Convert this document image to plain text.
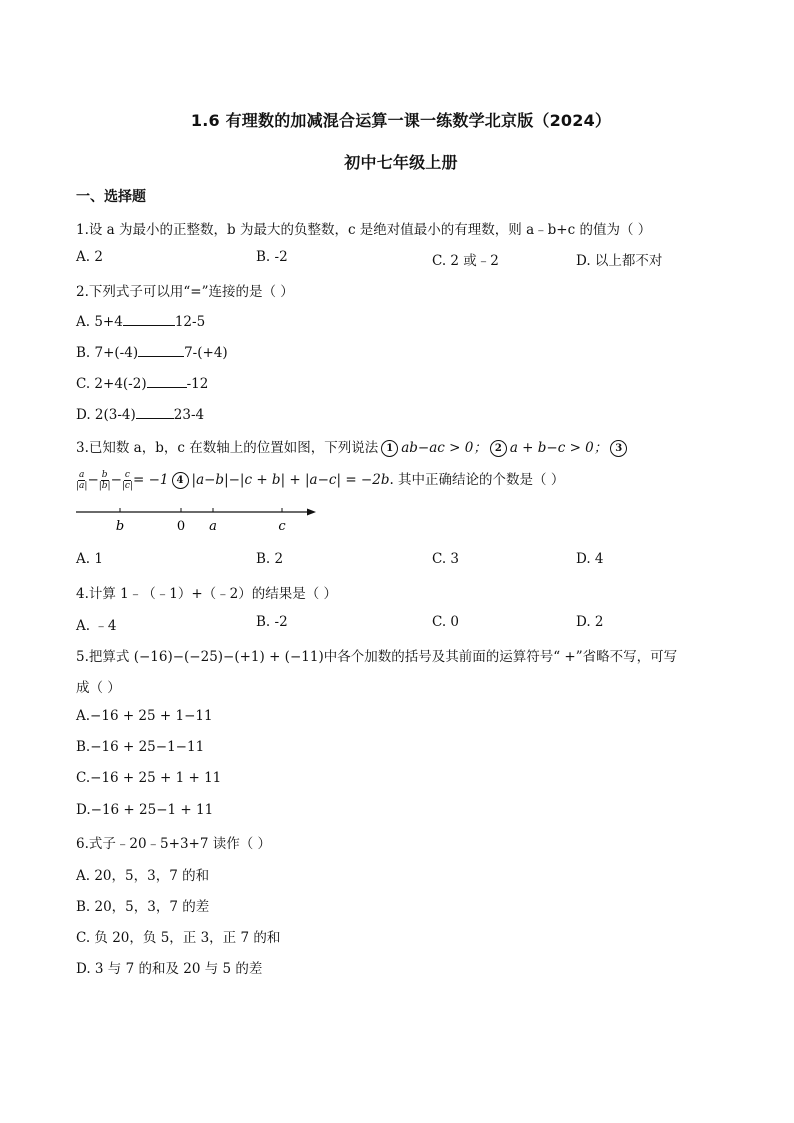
1.6 有理数的加减混合运算一课一练数学北京版（2024）
初中七年级上册
一、选择题
1.设 a 为最小的正整数，b 为最大的负整数，c 是绝对值最小的有理数，则 a﹣b+c 的值为（ ）
A. 2	B. -2	C. 2 或﹣2	D. 以上都不对
2.下列式子可以用“=”连接的是（ ）
A. 5+4	12-5
B. 7+(-4)	7-(+4)
C. 2+4(-2)	-12
D. 2(3-4)	23-4
3.已知数 a，b，c 在数轴上的位置如图，下列说法 1 ab−ac > 0； 2 a + b−c > 0； 3
$\frac{a}{|a|} - \frac{b}{|b|} - \frac{c}{|c|} = -1$ 4 |a−b|−|c + b| + |a−c| = −2b. 其中正确结论的个数是（ ）
b	0 a	c
A. 1	B. 2	C. 3	D. 4
4.计算 1﹣（﹣1）+（﹣2）的结果是（ ）
A. ﹣4	B. -2	C. 0	D. 2
5.把算式 (−16)−(−25)−(+1) + (−11)中各个加数的括号及其前面的运算符号“ +”省略不写，可写
成（ ）
A.−16 + 25 + 1−11
B.−16 + 25−1−11
C.−16 + 25 + 1 + 11
D.−16 + 25−1 + 11
6.式子﹣20﹣5+3+7 读作（ ）
A. 20，5，3，7 的和
B. 20，5，3，7 的差
C. 负 20，负 5，正 3，正 7 的和
D. 3 与 7 的和及 20 与 5 的差
